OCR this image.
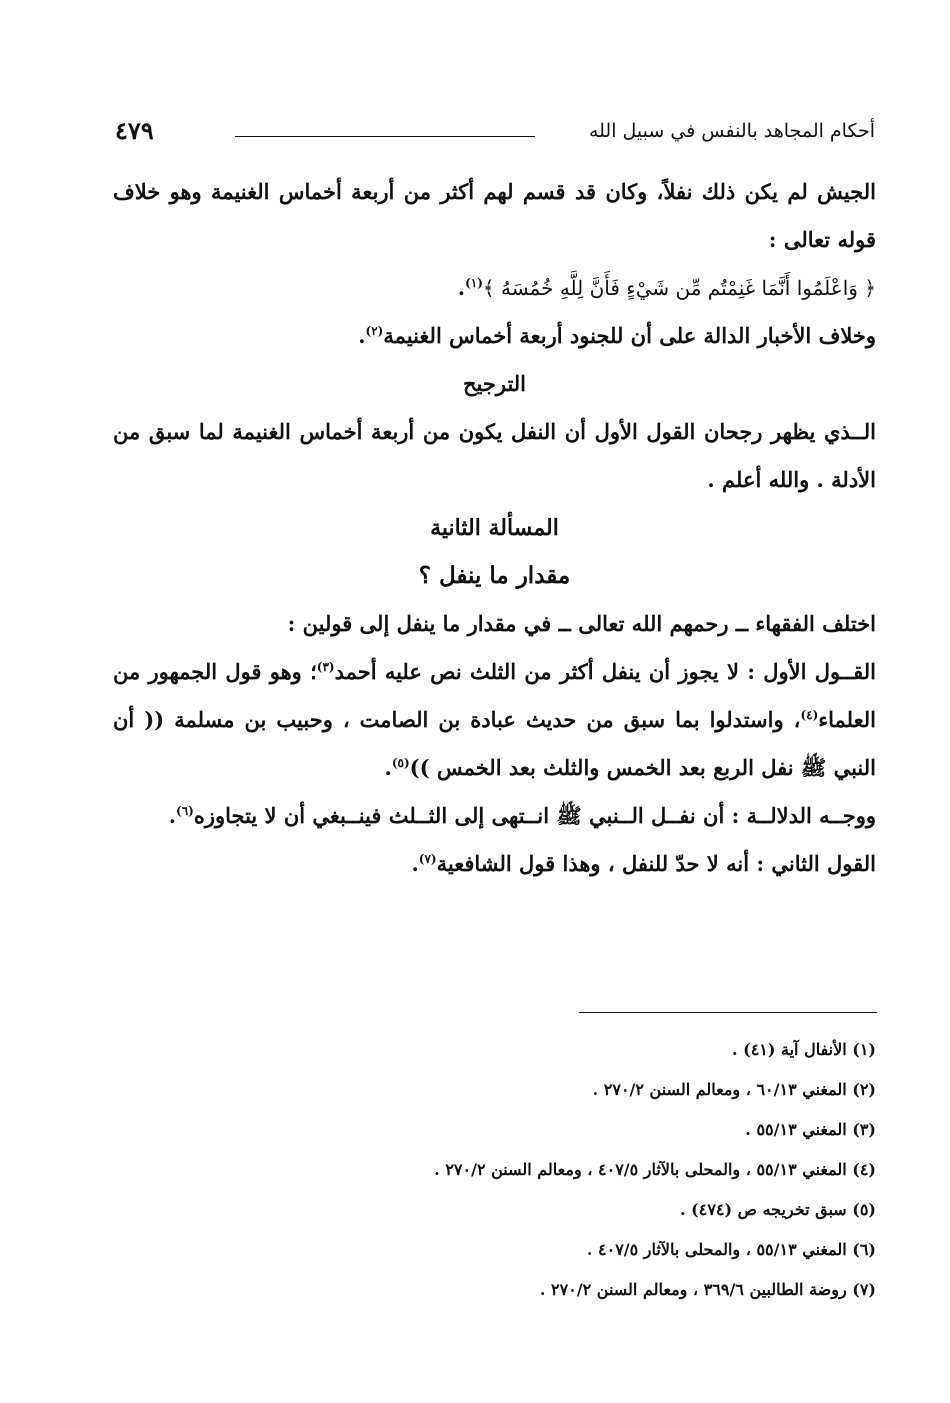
أحكام المجاهد بالنفس في سبيل الله
٤٧٩

الجيش لم يكن ذلك نفلاً، وكان قد قسم لهم أكثر من أربعة أخماس الغنيمة وهو خلاف قوله تعالى :

﴿ وَاعْلَمُوا أَنَّمَا غَنِمْتُم مِّن شَيْءٍ فَأَنَّ لِلَّهِ خُمُسَهُ ﴾$^{(١)}$.

وخلاف الأخبار الدالة على أن للجنود أربعة أخماس الغنيمة$^{(٢)}$.

الترجيح

الــذي يظهر رجحان القول الأول أن النفل يكون من أربعة أخماس الغنيمة لما سبق من الأدلة . والله أعلم .

المسألة الثانية

مقدار ما ينفل ؟

اختلف الفقهاء ــ رحمهم الله تعالى ــ في مقدار ما ينفل إلى قولين :

القــول الأول : لا يجوز أن ينفل أكثر من الثلث نص عليه أحمد$^{(٣)}$؛ وهو قول الجمهور من العلماء$^{(٤)}$، واستدلوا بما سبق من حديث عبادة بن الصامت ، وحبيب بن مسلمة (( أن النبي ﷺ نفل الربع بعد الخمس والثلث بعد الخمس ))$^{(٥)}$.

ووجــه الدلالــة : أن نفــل الــنبي ﷺ انــتهى إلى الثــلث فينــبغي أن لا يتجاوزه$^{(٦)}$.

القول الثاني : أنه لا حدّ للنفل ، وهذا قول الشافعية$^{(٧)}$.

(١) الأنفال آية (٤١) .

(٢) المغني ٦٠/١٣ ، ومعالم السنن ٢٧٠/٢ .

(٣) المغني ٥٥/١٣ .

(٤) المغني ٥٥/١٣ ، والمحلى بالآثار ٤٠٧/٥ ، ومعالم السنن ٢٧٠/٢ .

(٥) سبق تخريجه ص (٤٧٤) .

(٦) المغني ٥٥/١٣ ، والمحلى بالآثار ٤٠٧/٥ .

(٧) روضة الطالبين ٣٦٩/٦ ، ومعالم السنن ٢٧٠/٢ .
